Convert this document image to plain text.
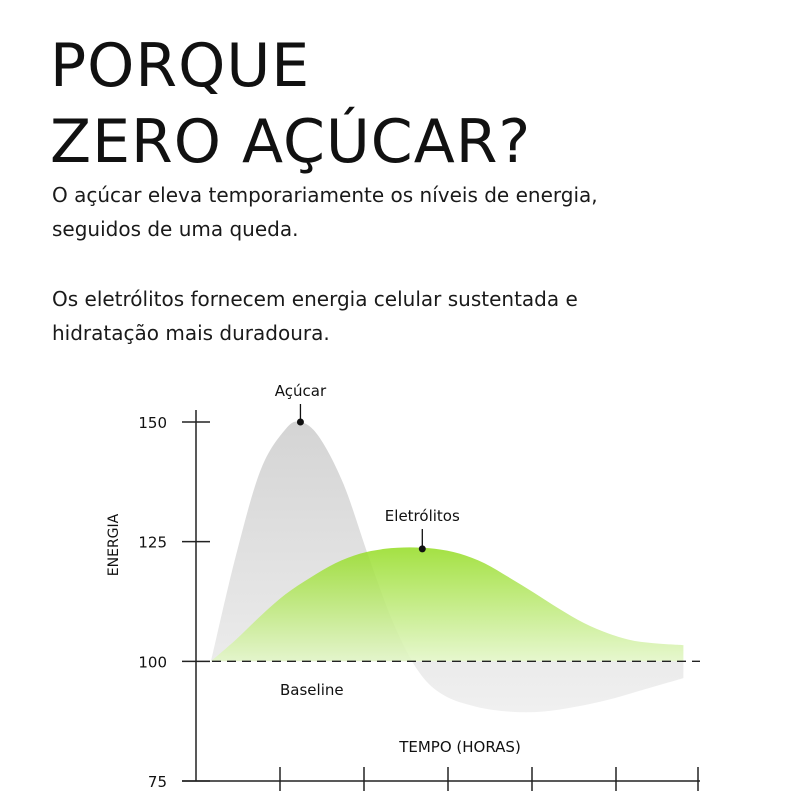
PORQUE
ZERO AÇÚCAR?

O açúcar eleva temporariamente os níveis de energia,
seguidos de uma queda.

Os eletrólitos fornecem energia celular sustentada e
hidratação mais duradoura.

150
125
100
75
ENERGIA
TEMPO (HORAS)
Baseline
Açúcar
Eletrólitos
